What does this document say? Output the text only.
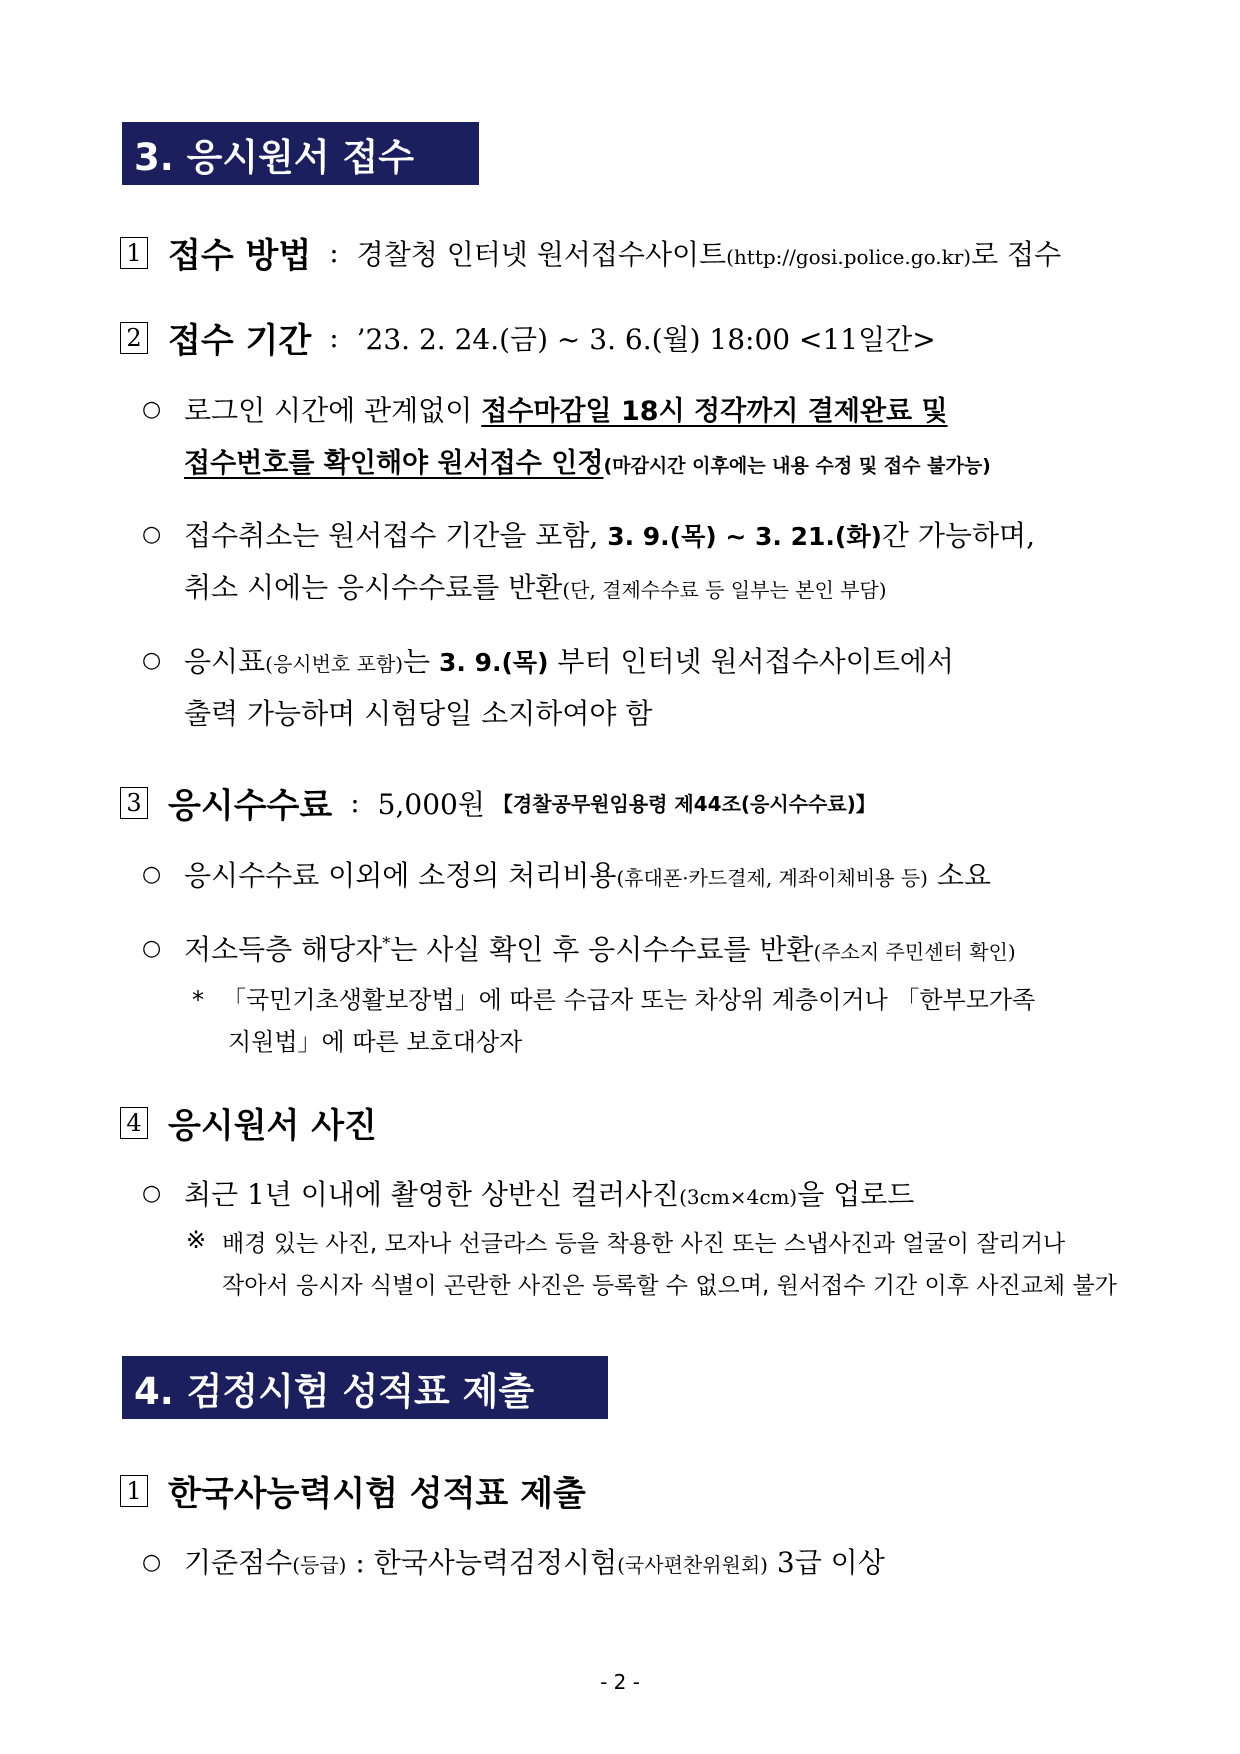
3. 응시원서 접수
1 접수 방법 : 경찰청 인터넷 원서접수사이트(http://gosi.police.go.kr)로 접수
2 접수 기간 : ’23. 2. 24.(금) ~ 3. 6.(월) 18:00 <11일간>
○ 로그인 시간에 관계없이 접수마감일 18시 정각까지 결제완료 및
접수번호를 확인해야 원서접수 인정(마감시간 이후에는 내용 수정 및 접수 불가능)
○ 접수취소는 원서접수 기간을 포함, 3. 9.(목) ~ 3. 21.(화)간 가능하며,
취소 시에는 응시수수료를 반환(단, 결제수수료 등 일부는 본인 부담)
○ 응시표(응시번호 포함)는 3. 9.(목) 부터 인터넷 원서접수사이트에서
출력 가능하며 시험당일 소지하여야 함
3 응시수수료 : 5,000원 【경찰공무원임용령 제44조(응시수수료)】
○ 응시수수료 이외에 소정의 처리비용(휴대폰·카드결제, 계좌이체비용 등) 소요
○ 저소득층 해당자*는 사실 확인 후 응시수수료를 반환(주소지 주민센터 확인)
* 「국민기초생활보장법」에 따른 수급자 또는 차상위 계층이거나 「한부모가족
지원법」에 따른 보호대상자
4 응시원서 사진
○ 최근 1년 이내에 촬영한 상반신 컬러사진(3cm×4cm)을 업로드
※ 배경 있는 사진, 모자나 선글라스 등을 착용한 사진 또는 스냅사진과 얼굴이 잘리거나
작아서 응시자 식별이 곤란한 사진은 등록할 수 없으며, 원서접수 기간 이후 사진교체 불가
4. 검정시험 성적표 제출
1 한국사능력시험 성적표 제출
○ 기준점수(등급) : 한국사능력검정시험(국사편찬위원회) 3급 이상
- 2 -
